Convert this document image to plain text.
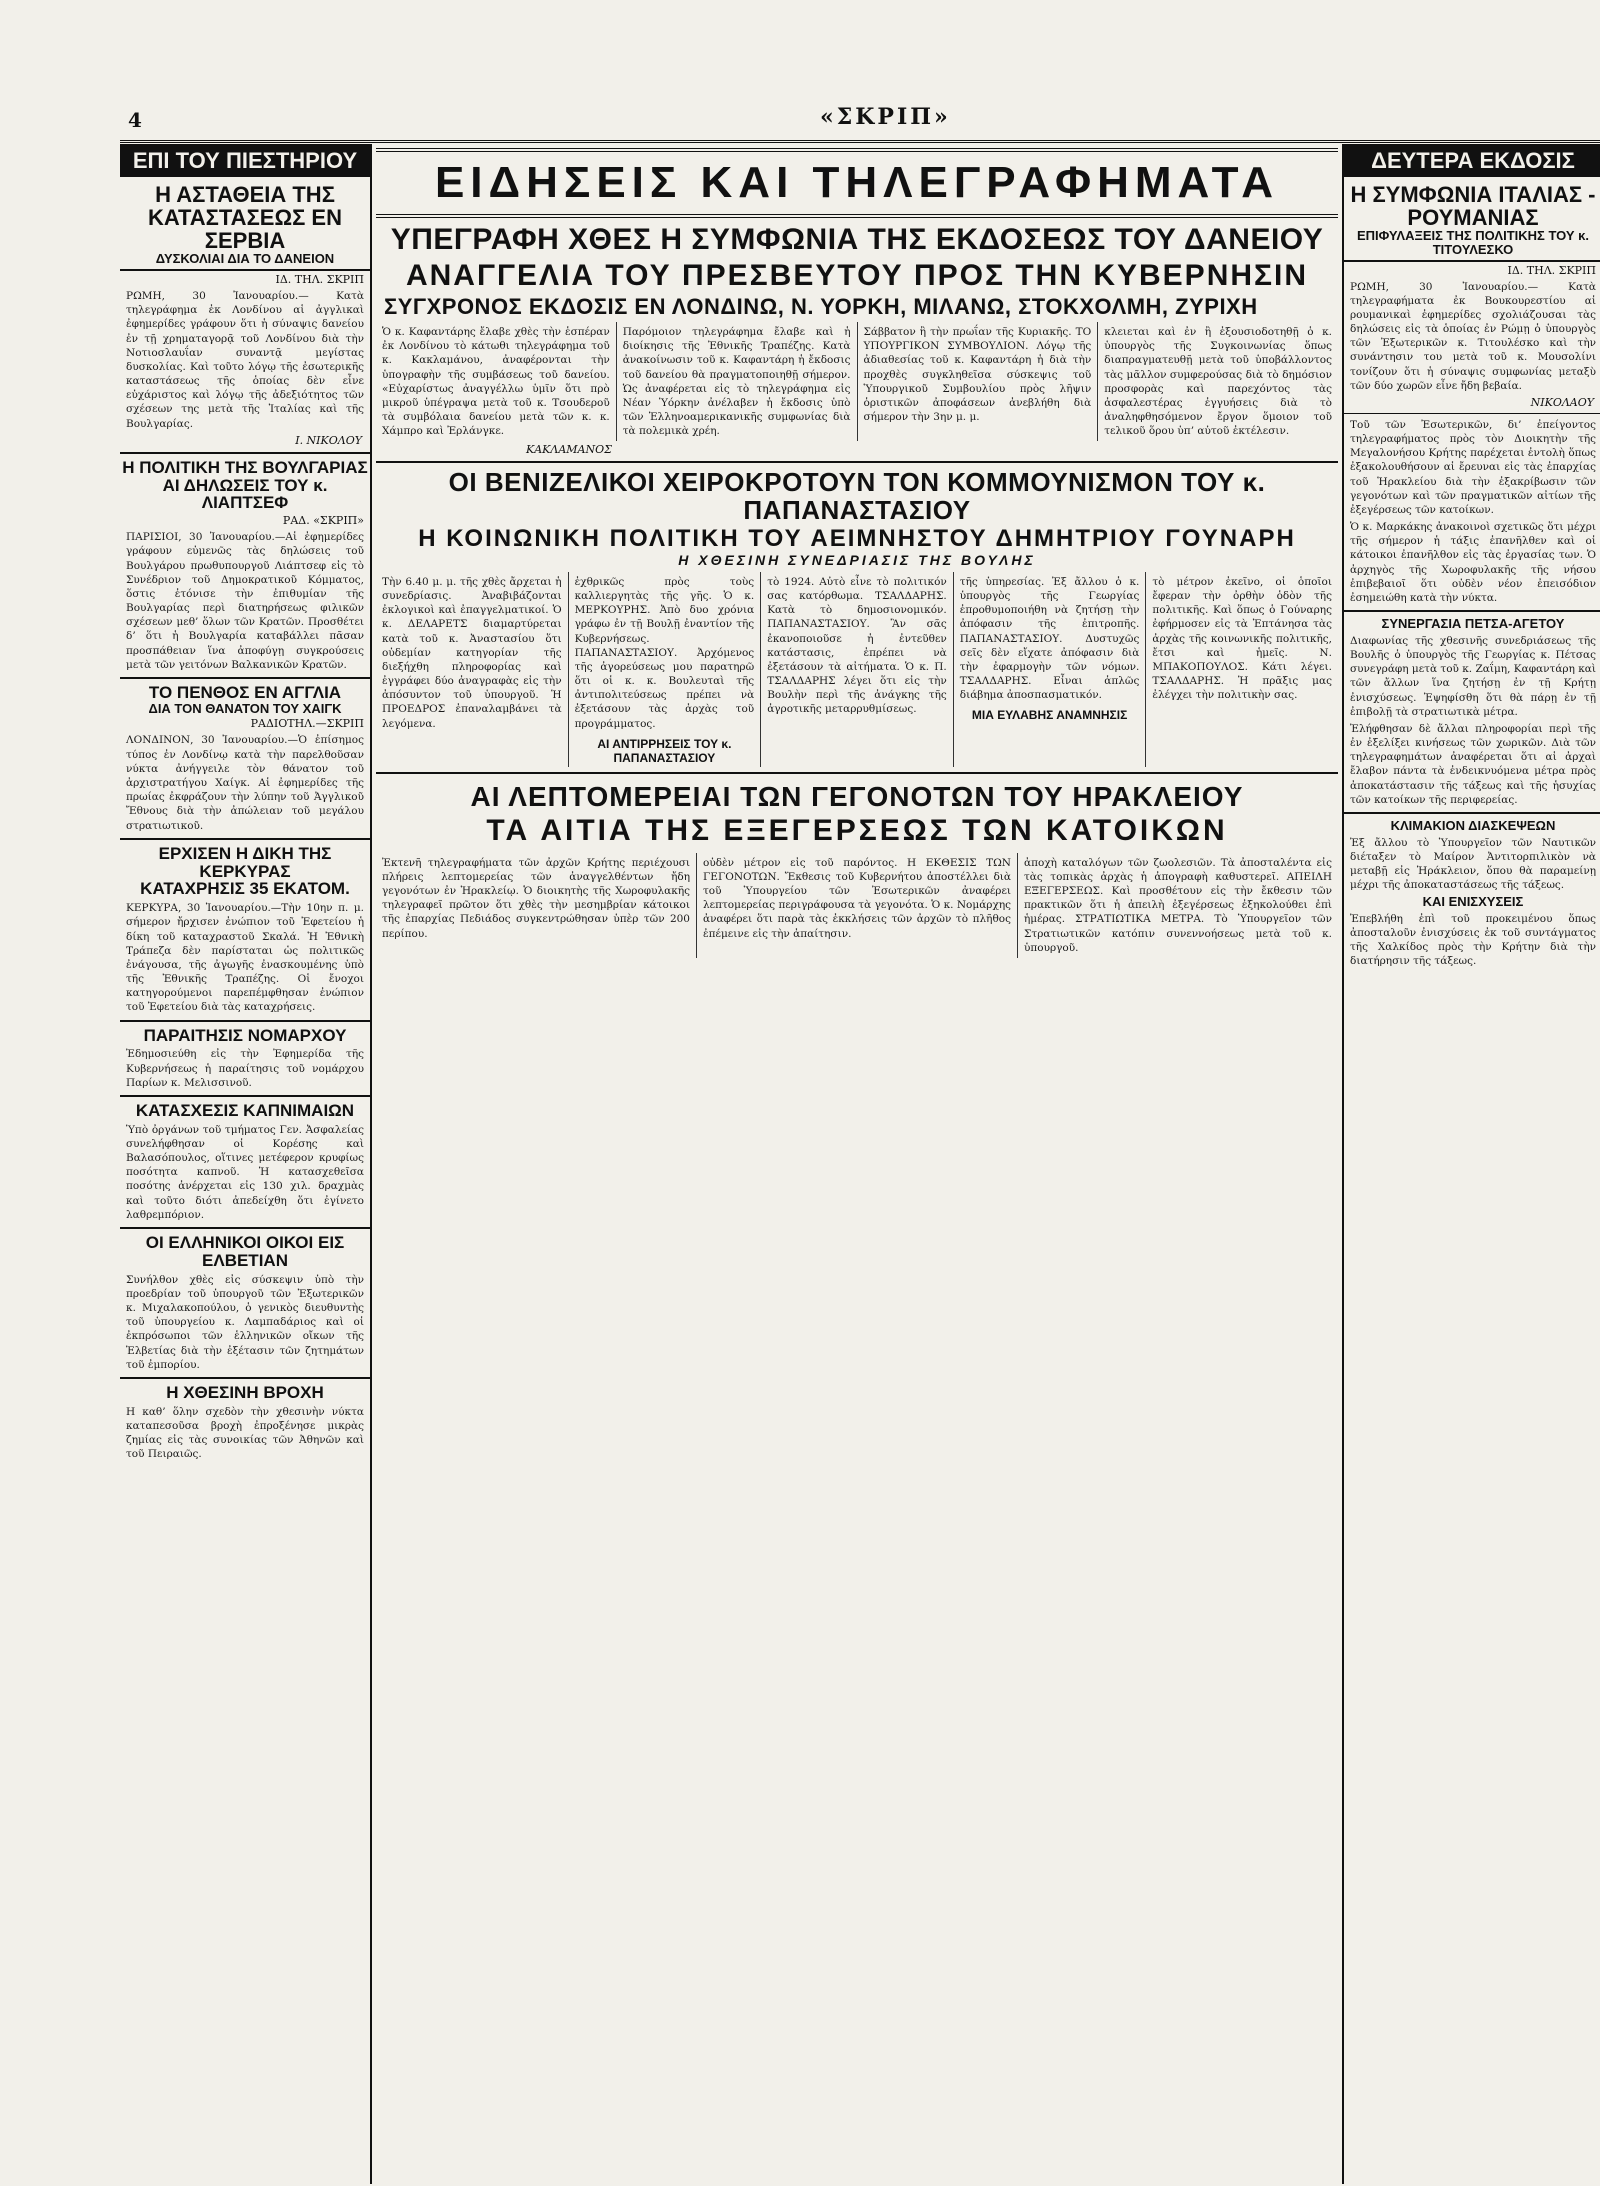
4	«ΣΚΡΙΠ»

ΕΠΙ ΤΟΥ ΠΙΕΣΤΗΡΙΟΥ

Η ΑΣΤΑΘΕΙΑ ΤΗΣ ΚΑΤΑΣΤΑΣΕΩΣ ΕΝ ΣΕΡΒΙΑ

ΔΥΣΚΟΛΙΑΙ ΔΙΑ ΤΟ ΔΑΝΕΙΟΝ

ΙΔ. ΤΗΛ. ΣΚΡΙΠ

ΡΩΜΗ, 30 Ἰανουαρίου.— Κατὰ τηλεγράφημα ἐκ Λονδίνου αἱ ἀγγλικαὶ ἐφημερίδες γράφουν ὅτι ἡ σύναψις δανείου ἐν τῇ χρηματαγορᾷ τοῦ Λονδίνου διὰ τὴν Νοτιοσλαυΐαν συναντᾷ μεγίστας δυσκολίας. Καὶ τοῦτο λόγῳ τῆς ἐσωτερικῆς καταστάσεως τῆς ὁποίας δὲν εἶνε εὐχάριστος καὶ λόγῳ τῆς ἀδεξιότητος τῶν σχέσεων της μετὰ τῆς Ἰταλίας καὶ τῆς Βουλγαρίας.

Ι. ΝΙΚΟΛΟΥ

Η ΠΟΛΙΤΙΚΗ ΤΗΣ ΒΟΥΛΓΑΡΙΑΣ

ΑΙ ΔΗΛΩΣΕΙΣ ΤΟΥ κ. ΛΙΑΠΤΣΕΦ

ΡΑΔ. «ΣΚΡΙΠ»

ΠΑΡΙΣΙΟΙ, 30 Ἰανουαρίου.—Αἱ ἐφημερίδες γράφουν εὐμενῶς τὰς δηλώσεις τοῦ Βουλγάρου πρωθυπουργοῦ Λιάπτσεφ εἰς τὸ Συνέδριον τοῦ Δημοκρατικοῦ Κόμματος, ὅστις ἐτόνισε τὴν ἐπιθυμίαν τῆς Βουλγαρίας περὶ διατηρήσεως φιλικῶν σχέσεων μεθ’ ὅλων τῶν Κρατῶν. Προσθέτει δ’ ὅτι ἡ Βουλγαρία καταβάλλει πᾶσαν προσπάθειαν ἵνα ἀποφύγῃ συγκρούσεις μετὰ τῶν γειτόνων Βαλκανικῶν Κρατῶν.

ΤΟ ΠΕΝΘΟΣ ΕΝ ΑΓΓΛΙΑ

ΔΙΑ ΤΟΝ ΘΑΝΑΤΟΝ ΤΟΥ ΧΑΙΓΚ

ΡΑΔΙΟΤΗΛ.—ΣΚΡΙΠ

ΛΟΝΔΙΝΟΝ, 30 Ἰανουαρίου.—Ὁ ἐπίσημος τύπος ἐν Λονδίνῳ κατὰ τὴν παρελθοῦσαν νύκτα ἀνήγγειλε τὸν θάνατον τοῦ ἀρχιστρατήγου Χαίγκ. Αἱ ἐφημερίδες τῆς πρωίας ἐκφράζουν τὴν λύπην τοῦ Ἀγγλικοῦ Ἔθνους διὰ τὴν ἀπώλειαν τοῦ μεγάλου στρατιωτικοῦ.

ΕΡΧΙΣΕΝ Η ΔΙΚΗ ΤΗΣ ΚΕΡΚΥΡΑΣ

ΚΑΤΑΧΡΗΣΙΣ 35 ΕΚΑΤΟΜ.

ΚΕΡΚΥΡΑ, 30 Ἰανουαρίου.—Τὴν 10ην π. μ. σήμερον ἤρχισεν ἐνώπιον τοῦ Ἐφετείου ἡ δίκη τοῦ καταχραστοῦ Σκαλά. Ἡ Ἐθνικὴ Τράπεζα δὲν παρίσταται ὡς πολιτικῶς ἐνάγουσα, τῆς ἀγωγῆς ἐνασκουμένης ὑπὸ τῆς Ἐθνικῆς Τραπέζης. Οἱ ἔνοχοι κατηγορούμενοι παρεπέμφθησαν ἐνώπιον τοῦ Ἐφετείου διὰ τὰς καταχρήσεις.

ΠΑΡΑΙΤΗΣΙΣ ΝΟΜΑΡΧΟΥ

Ἐδημοσιεύθη εἰς τὴν Ἐφημερίδα τῆς Κυβερνήσεως ἡ παραίτησις τοῦ νομάρχου Παρίων κ. Μελισσινοῦ.

ΚΑΤΑΣΧΕΣΙΣ ΚΑΠΝΙΜΑΙΩΝ

Ὑπὸ ὀργάνων τοῦ τμήματος Γεν. Ἀσφαλείας συνελήφθησαν οἱ Κορέσης καὶ Βαλασόπουλος, οἵτινες μετέφερον κρυφίως ποσότητα καπνοῦ. Ἡ κατασχεθεῖσα ποσότης ἀνέρχεται εἰς 130 χιλ. δραχμὰς καὶ τοῦτο διότι ἀπεδείχθη ὅτι ἐγίνετο λαθρεμπόριον.

ΟΙ ΕΛΛΗΝΙΚΟΙ ΟΙΚΟΙ ΕΙΣ ΕΛΒΕΤΙΑΝ

Συνήλθον χθὲς εἰς σύσκεψιν ὑπὸ τὴν προεδρίαν τοῦ ὑπουργοῦ τῶν Ἐξωτερικῶν κ. Μιχαλακοπούλου, ὁ γενικὸς διευθυντὴς τοῦ ὑπουργείου κ. Λαμπαδάριος καὶ οἱ ἐκπρόσωποι τῶν ἑλληνικῶν οἴκων τῆς Ἑλβετίας διὰ τὴν ἐξέτασιν τῶν ζητημάτων τοῦ ἐμπορίου.

Η ΧΘΕΣΙΝΗ ΒΡΟΧΗ

Η καθ’ ὅλην σχεδὸν τὴν χθεσινὴν νύκτα καταπεσοῦσα βροχὴ ἐπροξένησε μικρὰς ζημίας εἰς τὰς συνοικίας τῶν Ἀθηνῶν καὶ τοῦ Πειραιῶς.

ΕΙΔΗΣΕΙΣ ΚΑΙ ΤΗΛΕΓΡΑΦΗΜΑΤΑ

ΥΠΕΓΡΑΦΗ ΧΘΕΣ Η ΣΥΜΦΩΝΙΑ ΤΗΣ ΕΚΔΟΣΕΩΣ ΤΟΥ ΔΑΝΕΙΟΥ

ΑΝΑΓΓΕΛΙΑ ΤΟΥ ΠΡΕΣΒΕΥΤΟΥ ΠΡΟΣ ΤΗΝ ΚΥΒΕΡΝΗΣΙΝ

ΣΥΓΧΡΟΝΟΣ ΕΚΔΟΣΙΣ ΕΝ ΛΟΝΔΙΝΩ, Ν. ΥΟΡΚΗ, ΜΙΛΑΝΩ, ΣΤΟΚΧΟΛΜΗ, ΖΥΡΙΧΗ

Ὁ κ. Καφαντάρης ἔλαβε χθὲς τὴν ἑσπέραν ἐκ Λονδίνου τὸ κάτωθι τηλεγράφημα τοῦ κ. Κακλαμάνου, ἀναφέρονται τὴν ὑπογραφὴν τῆς συμβάσεως τοῦ δανείου. «Εὐχαρίστως ἀναγγέλλω ὑμῖν ὅτι πρὸ μικροῦ ὑπέγραψα μετὰ τοῦ κ. Τσουδεροῦ τὰ συμβόλαια δανείου μετὰ τῶν κ. κ. Χάμπρο καὶ Ἐρλάνγκε.

Παρόμοιον τηλεγράφημα ἔλαβε καὶ ἡ διοίκησις τῆς Ἐθνικῆς Τραπέζης. Κατὰ ἀνακοίνωσιν τοῦ κ. Καφαντάρη ἡ ἔκδοσις τοῦ δανείου θὰ πραγματοποιηθῇ σήμερον. Ὡς ἀναφέρεται εἰς τὸ τηλεγράφημα εἰς Νέαν Ὑόρκην ἀνέλαβεν ἡ ἔκδοσις ὑπὸ τῶν Ἑλληνοαμερικανικῆς συμφωνίας διὰ τὰ πολεμικὰ χρέη.

Σάββατον ἢ τὴν πρωΐαν τῆς Κυριακῆς. ΤΟ ΥΠΟΥΡΓΙΚΟΝ ΣΥΜΒΟΥΛΙΟΝ. Λόγῳ τῆς ἀδιαθεσίας τοῦ κ. Καφαντάρη ἡ διὰ τὴν προχθὲς συγκληθεῖσα σύσκεψις τοῦ Ὑπουργικοῦ Συμβουλίου πρὸς λῆψιν ὁριστικῶν ἀποφάσεων ἀνεβλήθη διὰ σήμερον τὴν 3ην μ. μ.

κλειεται καὶ ἐν ἢ ἐξουσιοδοτηθῇ ὁ κ. ὑπουργὸς τῆς Συγκοινωνίας ὅπως διαπραγματευθῇ μετὰ τοῦ ὑποβάλλοντος τὰς μᾶλλον συμφερούσας διὰ τὸ δημόσιον προσφορὰς καὶ παρεχόντος τὰς ἀσφαλεστέρας ἐγγυήσεις διὰ τὸ ἀναληφθησόμενον ἔργον ὅμοιον τοῦ τελικοῦ ὅρου ὑπ’ αὐτοῦ ἐκτέλεσιν.

ΚΑΚΛΑΜΑΝΟΣ

ΟΙ ΒΕΝΙΖΕΛΙΚΟΙ ΧΕΙΡΟΚΡΟΤΟΥΝ ΤΟΝ ΚΟΜΜΟΥΝΙΣΜΟΝ ΤΟΥ κ. ΠΑΠΑΝΑΣΤΑΣΙΟΥ

Η ΚΟΙΝΩΝΙΚΗ ΠΟΛΙΤΙΚΗ ΤΟΥ ΑΕΙΜΝΗΣΤΟΥ ΔΗΜΗΤΡΙΟΥ ΓΟΥΝΑΡΗ

Η ΧΘΕΣΙΝΗ ΣΥΝΕΔΡΙΑΣΙΣ ΤΗΣ ΒΟΥΛΗΣ

Τὴν 6.40 μ. μ. τῆς χθὲς ἄρχεται ἡ συνεδρίασις. Ἀναβιβάζονται ἐκλογικοὶ καὶ ἐπαγγελματικοί. Ὁ κ. ΔΕΛΑΡΕΤΣ διαμαρτύρεται κατὰ τοῦ κ. Ἀναστασίου ὅτι οὐδεμίαν κατηγορίαν τῆς διεξήχθη πληροφορίας καὶ ἐγγράφει δύο ἀναγραφὰς εἰς τὴν ἀπόσυντον τοῦ ὑπουργοῦ. Ἡ ΠΡΟΕΔΡΟΣ ἐπαναλαμβάνει τὰ λεγόμενα.

ἐχθρικῶς πρὸς τοὺς καλλιεργητὰς τῆς γῆς. Ὁ κ. ΜΕΡΚΟΥΡΗΣ. Ἀπὸ δυο χρόνια γράφω ἐν τῇ Βουλῇ ἐναντίον τῆς Κυβερνήσεως. ΠΑΠΑΝΑΣΤΑΣΙΟΥ. Ἀρχόμενος τῆς ἀγορεύσεως μου παρατηρῶ ὅτι οἱ κ. κ. Βουλευταὶ τῆς ἀντιπολιτεύσεως πρέπει νὰ ἐξετάσουν τὰς ἀρχὰς τοῦ προγράμματος.

ΑΙ ΑΝΤΙΡΡΗΣΕΙΣ ΤΟΥ κ. ΠΑΠΑΝΑΣΤΑΣΙΟΥ

τὸ 1924. Αὐτὸ εἶνε τὸ πολιτικόν σας κατόρθωμα. ΤΣΑΛΔΑΡΗΣ. Κατὰ τὸ δημοσιονομικόν. ΠΑΠΑΝΑΣΤΑΣΙΟΥ. Ἂν σᾶς ἐκανοποιοῦσε ἡ ἐντεῦθεν κατάστασις, ἐπρέπει νὰ ἐξετάσουν τὰ αἰτήματα. Ὁ κ. Π. ΤΣΑΛΔΑΡΗΣ λέγει ὅτι εἰς τὴν Βουλὴν περὶ τῆς ἀνάγκης τῆς ἀγροτικῆς μεταρρυθμίσεως.

τῆς ὑπηρεσίας. Ἐξ ἄλλου ὁ κ. ὑπουργὸς τῆς Γεωργίας ἐπροθυμοποιήθη νὰ ζητήσῃ τὴν ἀπόφασιν τῆς ἐπιτροπῆς. ΠΑΠΑΝΑΣΤΑΣΙΟΥ. Δυστυχῶς σεῖς δὲν εἴχατε ἀπόφασιν διὰ τὴν ἐφαρμογὴν τῶν νόμων. ΤΣΑΛΔΑΡΗΣ. Εἶναι ἁπλῶς διάβημα ἀποσπασματικόν.

ΜΙΑ ΕΥΛΑΒΗΣ ΑΝΑΜΝΗΣΙΣ

τὸ μέτρον ἐκεῖνο, οἱ ὁποῖοι ἔφεραν τὴν ὀρθὴν ὁδὸν τῆς πολιτικῆς. Καὶ ὅπως ὁ Γούναρης ἐφήρμοσεν εἰς τὰ Ἐπτάνησα τὰς ἀρχὰς τῆς κοινωνικῆς πολιτικῆς, ἔτσι καὶ ἡμεῖς. Ν. ΜΠΑΚΟΠΟΥΛΟΣ. Κάτι λέγει. ΤΣΑΛΔΑΡΗΣ. Ἡ πρᾶξις μας ἐλέγχει τὴν πολιτικὴν σας.

ΑΙ ΛΕΠΤΟΜΕΡΕΙΑΙ ΤΩΝ ΓΕΓΟΝΟΤΩΝ ΤΟΥ ΗΡΑΚΛΕΙΟΥ

ΤΑ ΑΙΤΙΑ ΤΗΣ ΕΞΕΓΕΡΣΕΩΣ ΤΩΝ ΚΑΤΟΙΚΩΝ

Ἐκτενῆ τηλεγραφήματα τῶν ἀρχῶν Κρήτης περιέχουσι πλήρεις λεπτομερείας τῶν ἀναγγελθέντων ἤδη γεγονότων ἐν Ἡρακλείῳ. Ὁ διοικητὴς τῆς Χωροφυλακῆς τηλεγραφεῖ πρῶτον ὅτι χθὲς τὴν μεσημβρίαν κάτοικοι τῆς ἐπαρχίας Πεδιάδος συγκεντρώθησαν ὑπὲρ τῶν 200 περίπου.

οὐδὲν μέτρον εἰς τοῦ παρόντος. Η ΕΚΘΕΣΙΣ ΤΩΝ ΓΕΓΟΝΟΤΩΝ. Ἔκθεσις τοῦ Κυβερνήτου ἀποστέλλει διὰ τοῦ Ὑπουργείου τῶν Ἐσωτερικῶν ἀναφέρει λεπτομερείας περιγράφουσα τὰ γεγονότα. Ὁ κ. Νομάρχης ἀναφέρει ὅτι παρὰ τὰς ἐκκλήσεις τῶν ἀρχῶν τὸ πλῆθος ἐπέμεινε εἰς τὴν ἀπαίτησιν.

ἀποχὴ καταλόγων τῶν ζωολεσιῶν. Τὰ ἀποσταλέντα εἰς τὰς τοπικὰς ἀρχὰς ἡ ἀπογραφὴ καθυστερεῖ. ΑΠΕΙΛΗ ΕΞΕΓΕΡΣΕΩΣ. Καὶ προσθέτουν εἰς τὴν ἔκθεσιν τῶν πρακτικῶν ὅτι ἡ ἀπειλὴ ἐξεγέρσεως ἐξηκολούθει ἐπὶ ἡμέρας. ΣΤΡΑΤΙΩΤΙΚΑ ΜΕΤΡΑ. Τὸ Ὑπουργεῖον τῶν Στρατιωτικῶν κατόπιν συνεννοήσεως μετὰ τοῦ κ. ὑπουργοῦ.

ΔΕΥΤΕΡΑ ΕΚΔΟΣΙΣ

Η ΣΥΜΦΩΝΙΑ ΙΤΑΛΙΑΣ - ΡΟΥΜΑΝΙΑΣ

ΕΠΙΦΥΛΑΞΕΙΣ ΤΗΣ ΠΟΛΙΤΙΚΗΣ ΤΟΥ κ. ΤΙΤΟΥΛΕΣΚΟ

ΙΔ. ΤΗΛ. ΣΚΡΙΠ

ΡΩΜΗ, 30 Ἰανουαρίου.— Κατὰ τηλεγραφήματα ἐκ Βουκουρεστίου αἱ ρουμανικαὶ ἐφημερίδες σχολιάζουσαι τὰς δηλώσεις εἰς τὰ ὁποίας ἐν Ρώμῃ ὁ ὑπουργὸς τῶν Ἐξωτερικῶν κ. Τιτουλέσκο καὶ τὴν συνάντησιν του μετὰ τοῦ κ. Μουσολίνι τονίζουν ὅτι ἡ σύναψις συμφωνίας μεταξὺ τῶν δύο χωρῶν εἶνε ἤδη βεβαία.

ΝΙΚΟΛΑΟΥ

Τοῦ τῶν Ἐσωτερικῶν, δι’ ἐπείγοντος τηλεγραφήματος πρὸς τὸν Διοικητὴν τῆς Μεγαλονήσου Κρήτης παρέχεται ἐντολὴ ὅπως ἐξακολουθήσουν αἱ ἔρευναι εἰς τὰς ἐπαρχίας τοῦ Ἡρακλείου διὰ τὴν ἐξακρίβωσιν τῶν γεγονότων καὶ τῶν πραγματικῶν αἰτίων τῆς ἐξεγέρσεως τῶν κατοίκων.

Ὁ κ. Μαρκάκης ἀνακοινοὶ σχετικῶς ὅτι μέχρι τῆς σήμερον ἡ τάξις ἐπανῆλθεν καὶ οἱ κάτοικοι ἐπανῆλθον εἰς τὰς ἐργασίας των. Ὁ ἀρχηγὸς τῆς Χωροφυλακῆς τῆς νήσου ἐπιβεβαιοῖ ὅτι οὐδὲν νέον ἐπεισόδιον ἐσημειώθη κατὰ τὴν νύκτα.

ΣΥΝΕΡΓΑΣΙΑ ΠΕΤΣΑ-ΑΓΕΤΟΥ

Διαφωνίας τῆς χθεσινῆς συνεδριάσεως τῆς Βουλῆς ὁ ὑπουργὸς τῆς Γεωργίας κ. Πέτσας συνεγράφη μετὰ τοῦ κ. Ζαΐμη, Καφαντάρη καὶ τῶν ἄλλων ἵνα ζητήσῃ ἐν τῇ Κρήτῃ ἐνισχύσεως. Ἐψηφίσθη ὅτι θὰ πάρῃ ἐν τῇ ἐπιβολῇ τὰ στρατιωτικὰ μέτρα.

Ἐλήφθησαν δὲ ἄλλαι πληροφορίαι περὶ τῆς ἐν ἐξελίξει κινήσεως τῶν χωρικῶν. Διὰ τῶν τηλεγραφημάτων ἀναφέρεται ὅτι αἱ ἀρχαὶ ἔλαβον πάντα τὰ ἐνδεικνυόμενα μέτρα πρὸς ἀποκατάστασιν τῆς τάξεως καὶ τῆς ἡσυχίας τῶν κατοίκων τῆς περιφερείας.

ΚΛΙΜΑΚΙΟΝ ΔΙΑΣΚΕΨΕΩΝ

Ἐξ ἄλλου τὸ Ὑπουργεῖον τῶν Ναυτικῶν διέταξεν τὸ Μαίρον Ἀντιτορπιλικὸν νὰ μεταβῇ εἰς Ἡράκλειον, ὅπου θὰ παραμείνῃ μέχρι τῆς ἀποκαταστάσεως τῆς τάξεως.

ΚΑΙ ΕΝΙΣΧΥΣΕΙΣ

Ἐπεβλήθη ἐπὶ τοῦ προκειμένου ὅπως ἀποσταλοῦν ἐνισχύσεις ἐκ τοῦ συντάγματος τῆς Χαλκίδος πρὸς τὴν Κρήτην διὰ τὴν διατήρησιν τῆς τάξεως.
